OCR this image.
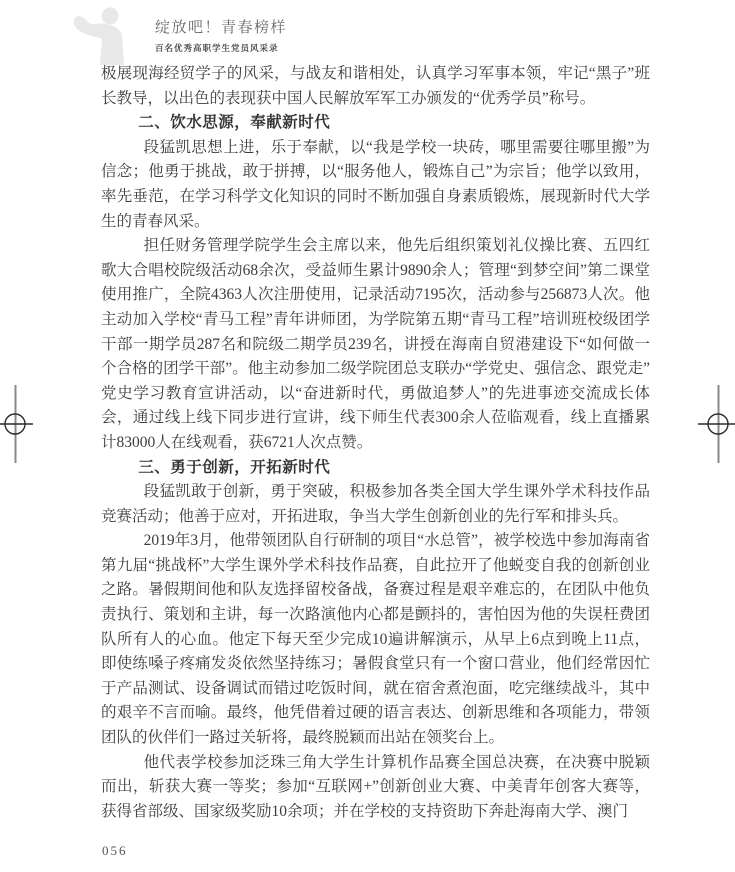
绽放吧！青春榜样
百名优秀高职学生党员风采录

极展现海经贸学子的风采，与战友和谐相处，认真学习军事本领，牢记“黑子”班长教导，以出色的表现获中国人民解放军军工办颁发的“优秀学员”称号。

二、饮水思源，奉献新时代

段猛凯思想上进，乐于奉献，以“我是学校一块砖，哪里需要往哪里搬”为信念；他勇于挑战，敢于拼搏，以“服务他人，锻炼自己”为宗旨；他学以致用，率先垂范，在学习科学文化知识的同时不断加强自身素质锻炼，展现新时代大学生的青春风采。

担任财务管理学院学生会主席以来，他先后组织策划礼仪操比赛、五四红歌大合唱校院级活动68余次，受益师生累计9890余人；管理“到梦空间”第二课堂使用推广，全院4363人次注册使用，记录活动7195次，活动参与256873人次。他主动加入学校“青马工程”青年讲师团，为学院第五期“青马工程”培训班校级团学干部一期学员287名和院级二期学员239名，讲授在海南自贸港建设下“如何做一个合格的团学干部”。他主动参加二级学院团总支联办“学党史、强信念、跟党走”党史学习教育宣讲活动，以“奋进新时代，勇做追梦人”的先进事迹交流成长体会，通过线上线下同步进行宣讲，线下师生代表300余人莅临观看，线上直播累计83000人在线观看，获6721人次点赞。

三、勇于创新，开拓新时代

段猛凯敢于创新，勇于突破，积极参加各类全国大学生课外学术科技作品竞赛活动；他善于应对，开拓进取，争当大学生创新创业的先行军和排头兵。

2019年3月，他带领团队自行研制的项目“水总管”，被学校选中参加海南省第九届“挑战杯”大学生课外学术科技作品赛，自此拉开了他蜕变自我的创新创业之路。暑假期间他和队友选择留校备战，备赛过程是艰辛难忘的，在团队中他负责执行、策划和主讲，每一次路演他内心都是颤抖的，害怕因为他的失误枉费团队所有人的心血。他定下每天至少完成10遍讲解演示，从早上6点到晚上11点，即使练嗓子疼痛发炎依然坚持练习；暑假食堂只有一个窗口营业，他们经常因忙于产品测试、设备调试而错过吃饭时间，就在宿舍煮泡面，吃完继续战斗，其中的艰辛不言而喻。最终，他凭借着过硬的语言表达、创新思维和各项能力，带领团队的伙伴们一路过关斩将，最终脱颖而出站在领奖台上。

他代表学校参加泛珠三角大学生计算机作品赛全国总决赛，在决赛中脱颖而出，斩获大赛一等奖；参加“互联网+”创新创业大赛、中美青年创客大赛等，获得省部级、国家级奖励10余项；并在学校的支持资助下奔赴海南大学、澳门

056
